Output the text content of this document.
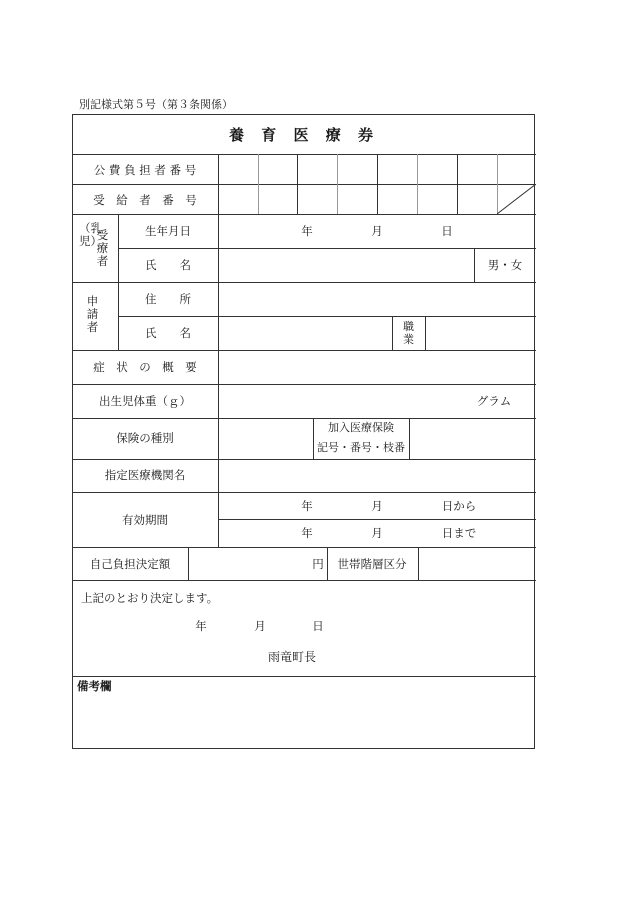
別記様式第５号（第３条関係）
養 育 医 療 券
公 費 負 担 者 番 号
受　給　者　番　号
受療者
（乳児）
生年月日	年	月	日
氏　　名	男・女
申請者
住　　所
氏　　名	職業
症　状　の　概　要
出生児体重（ｇ）	グラム
保険の種別
加入医療保険
記号・番号・枝番
指定医療機関名
有効期間
年	月	日から
年	月	日まで
自己負担決定額	円 世帯階層区分
上記のとおり決定します。
年	月	日
雨竜町長
備考欄
